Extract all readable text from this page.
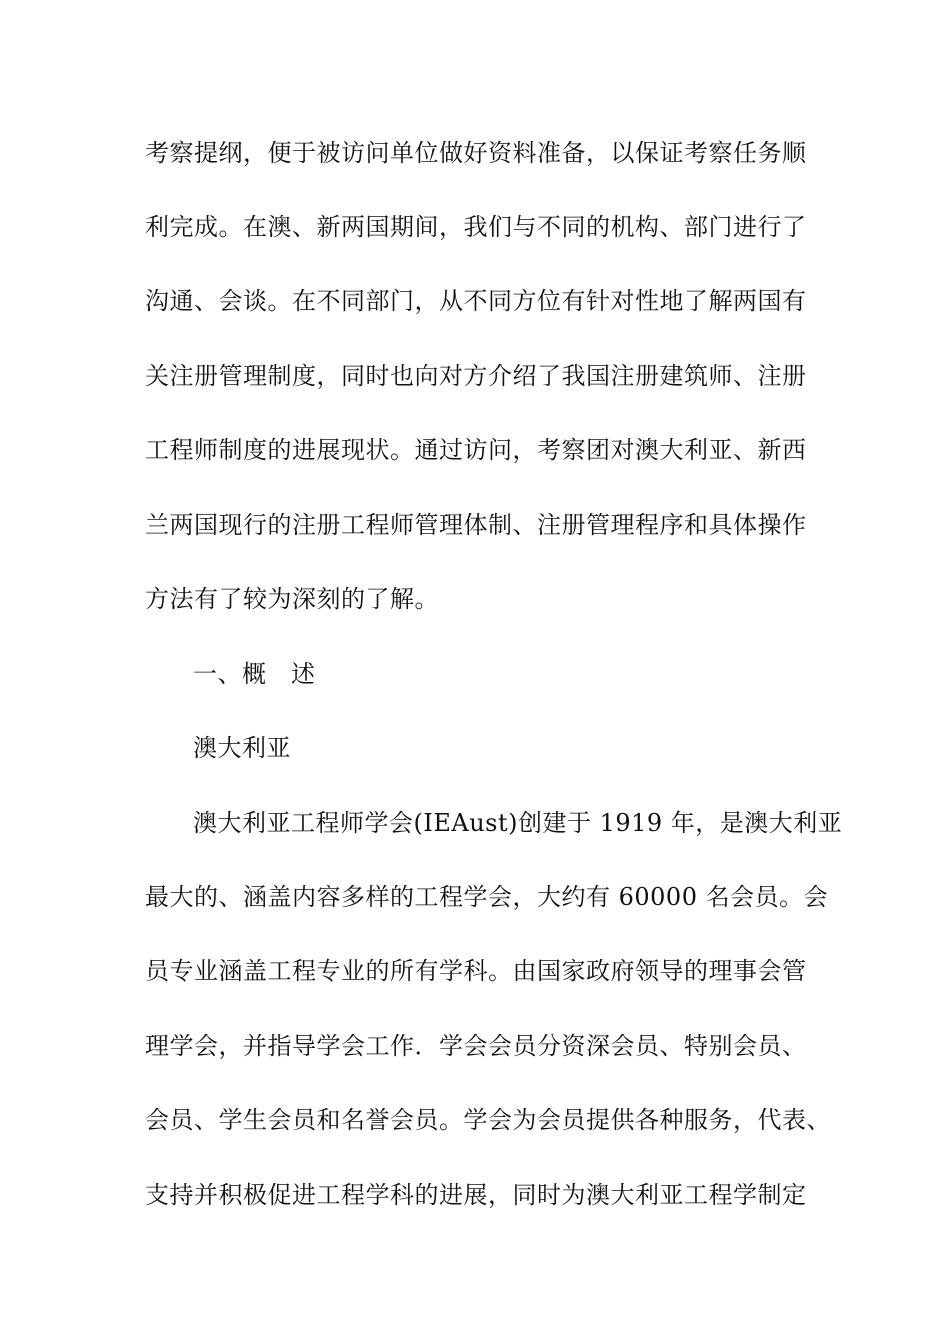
考察提纲，便于被访问单位做好资料准备，以保证考察任务顺
利完成。在澳、新两国期间，我们与不同的机构、部门进行了
沟通、会谈。在不同部门，从不同方位有针对性地了解两国有
关注册管理制度，同时也向对方介绍了我国注册建筑师、注册
工程师制度的进展现状。通过访问，考察团对澳大利亚、新西
兰两国现行的注册工程师管理体制、注册管理程序和具体操作
方法有了较为深刻的了解。
一、概　述
澳大利亚
澳大利亚工程师学会(IEAust)创建于 1919 年，是澳大利亚
最大的、涵盖内容多样的工程学会，大约有 60000 名会员。会
员专业涵盖工程专业的所有学科。由国家政府领导的理事会管
理学会，并指导学会工作．学会会员分资深会员、特别会员、
会员、学生会员和名誉会员。学会为会员提供各种服务，代表、
支持并积极促进工程学科的进展，同时为澳大利亚工程学制定
